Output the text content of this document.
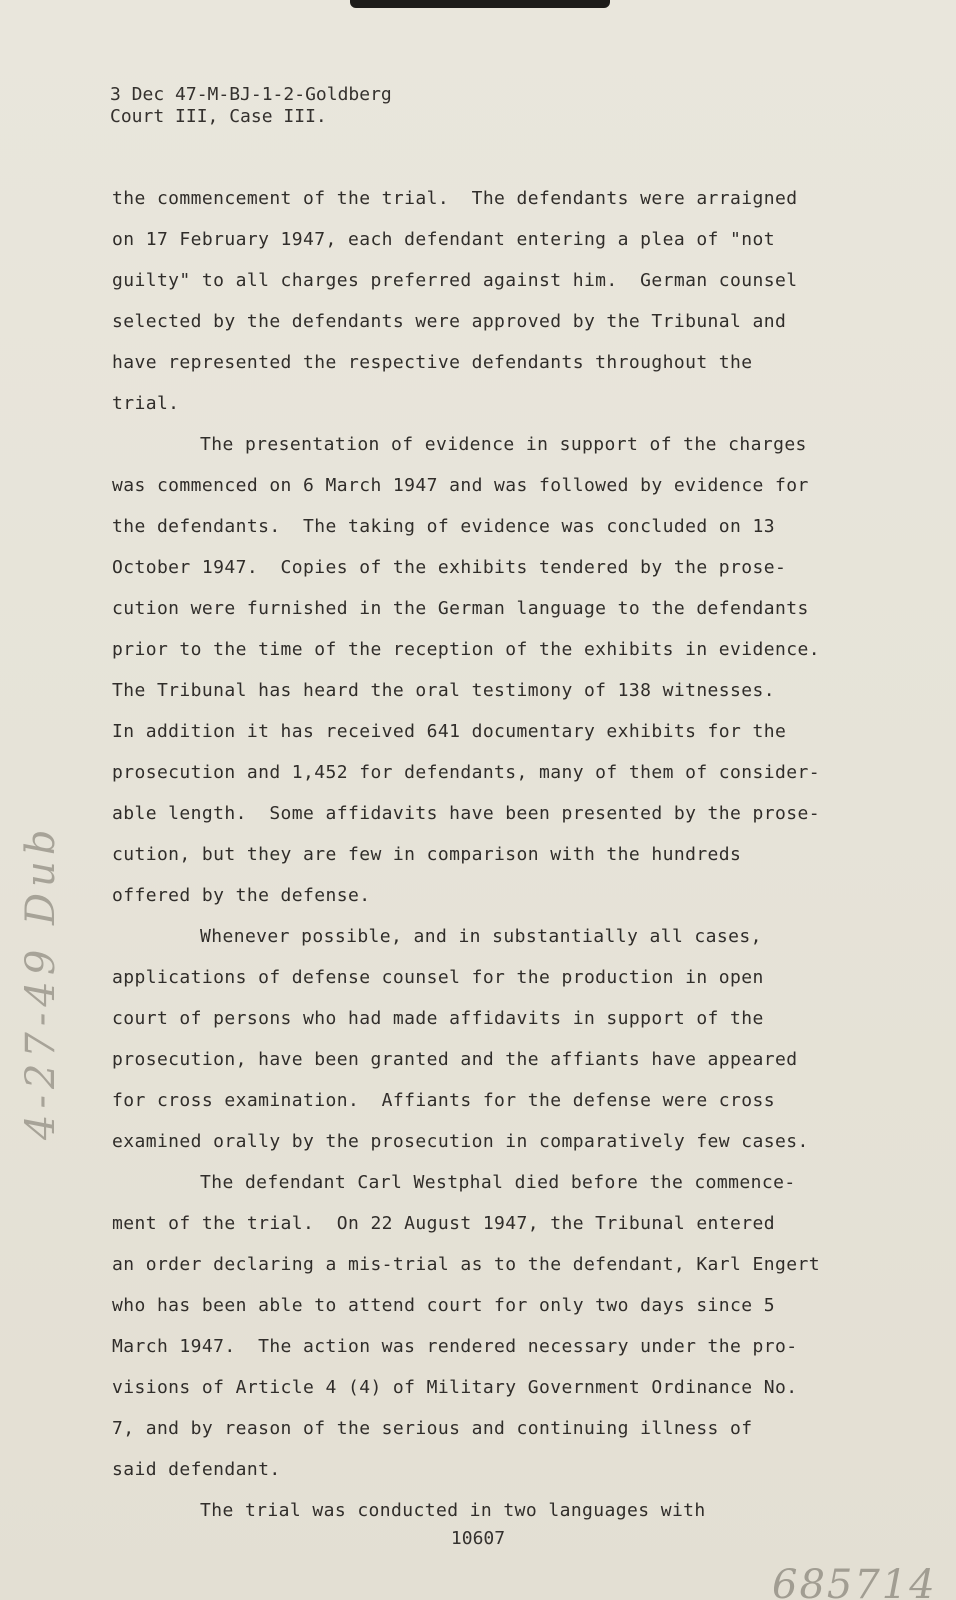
3 Dec 47-M-BJ-1-2-Goldberg
Court III, Case III.
the commencement of the trial.  The defendants were arraigned
on 17 February 1947, each defendant entering a plea of "not
guilty" to all charges preferred against him.  German counsel
selected by the defendants were approved by the Tribunal and
have represented the respective defendants throughout the
trial.
The presentation of evidence in support of the charges
was commenced on 6 March 1947 and was followed by evidence for
the defendants.  The taking of evidence was concluded on 13
October 1947.  Copies of the exhibits tendered by the prose-
cution were furnished in the German language to the defendants
prior to the time of the reception of the exhibits in evidence.
The Tribunal has heard the oral testimony of 138 witnesses.
In addition it has received 641 documentary exhibits for the
prosecution and 1,452 for defendants, many of them of consider-
able length.  Some affidavits have been presented by the prose-
cution, but they are few in comparison with the hundreds
offered by the defense.
Whenever possible, and in substantially all cases,
applications of defense counsel for the production in open
court of persons who had made affidavits in support of the
prosecution, have been granted and the affiants have appeared
for cross examination.  Affiants for the defense were cross
examined orally by the prosecution in comparatively few cases.
The defendant Carl Westphal died before the commence-
ment of the trial.  On 22 August 1947, the Tribunal entered
an order declaring a mis-trial as to the defendant, Karl Engert
who has been able to attend court for only two days since 5
March 1947.  The action was rendered necessary under the pro-
visions of Article 4 (4) of Military Government Ordinance No.
7, and by reason of the serious and continuing illness of
said defendant.
The trial was conducted in two languages with
10607
4-27-49 Dub
685714
